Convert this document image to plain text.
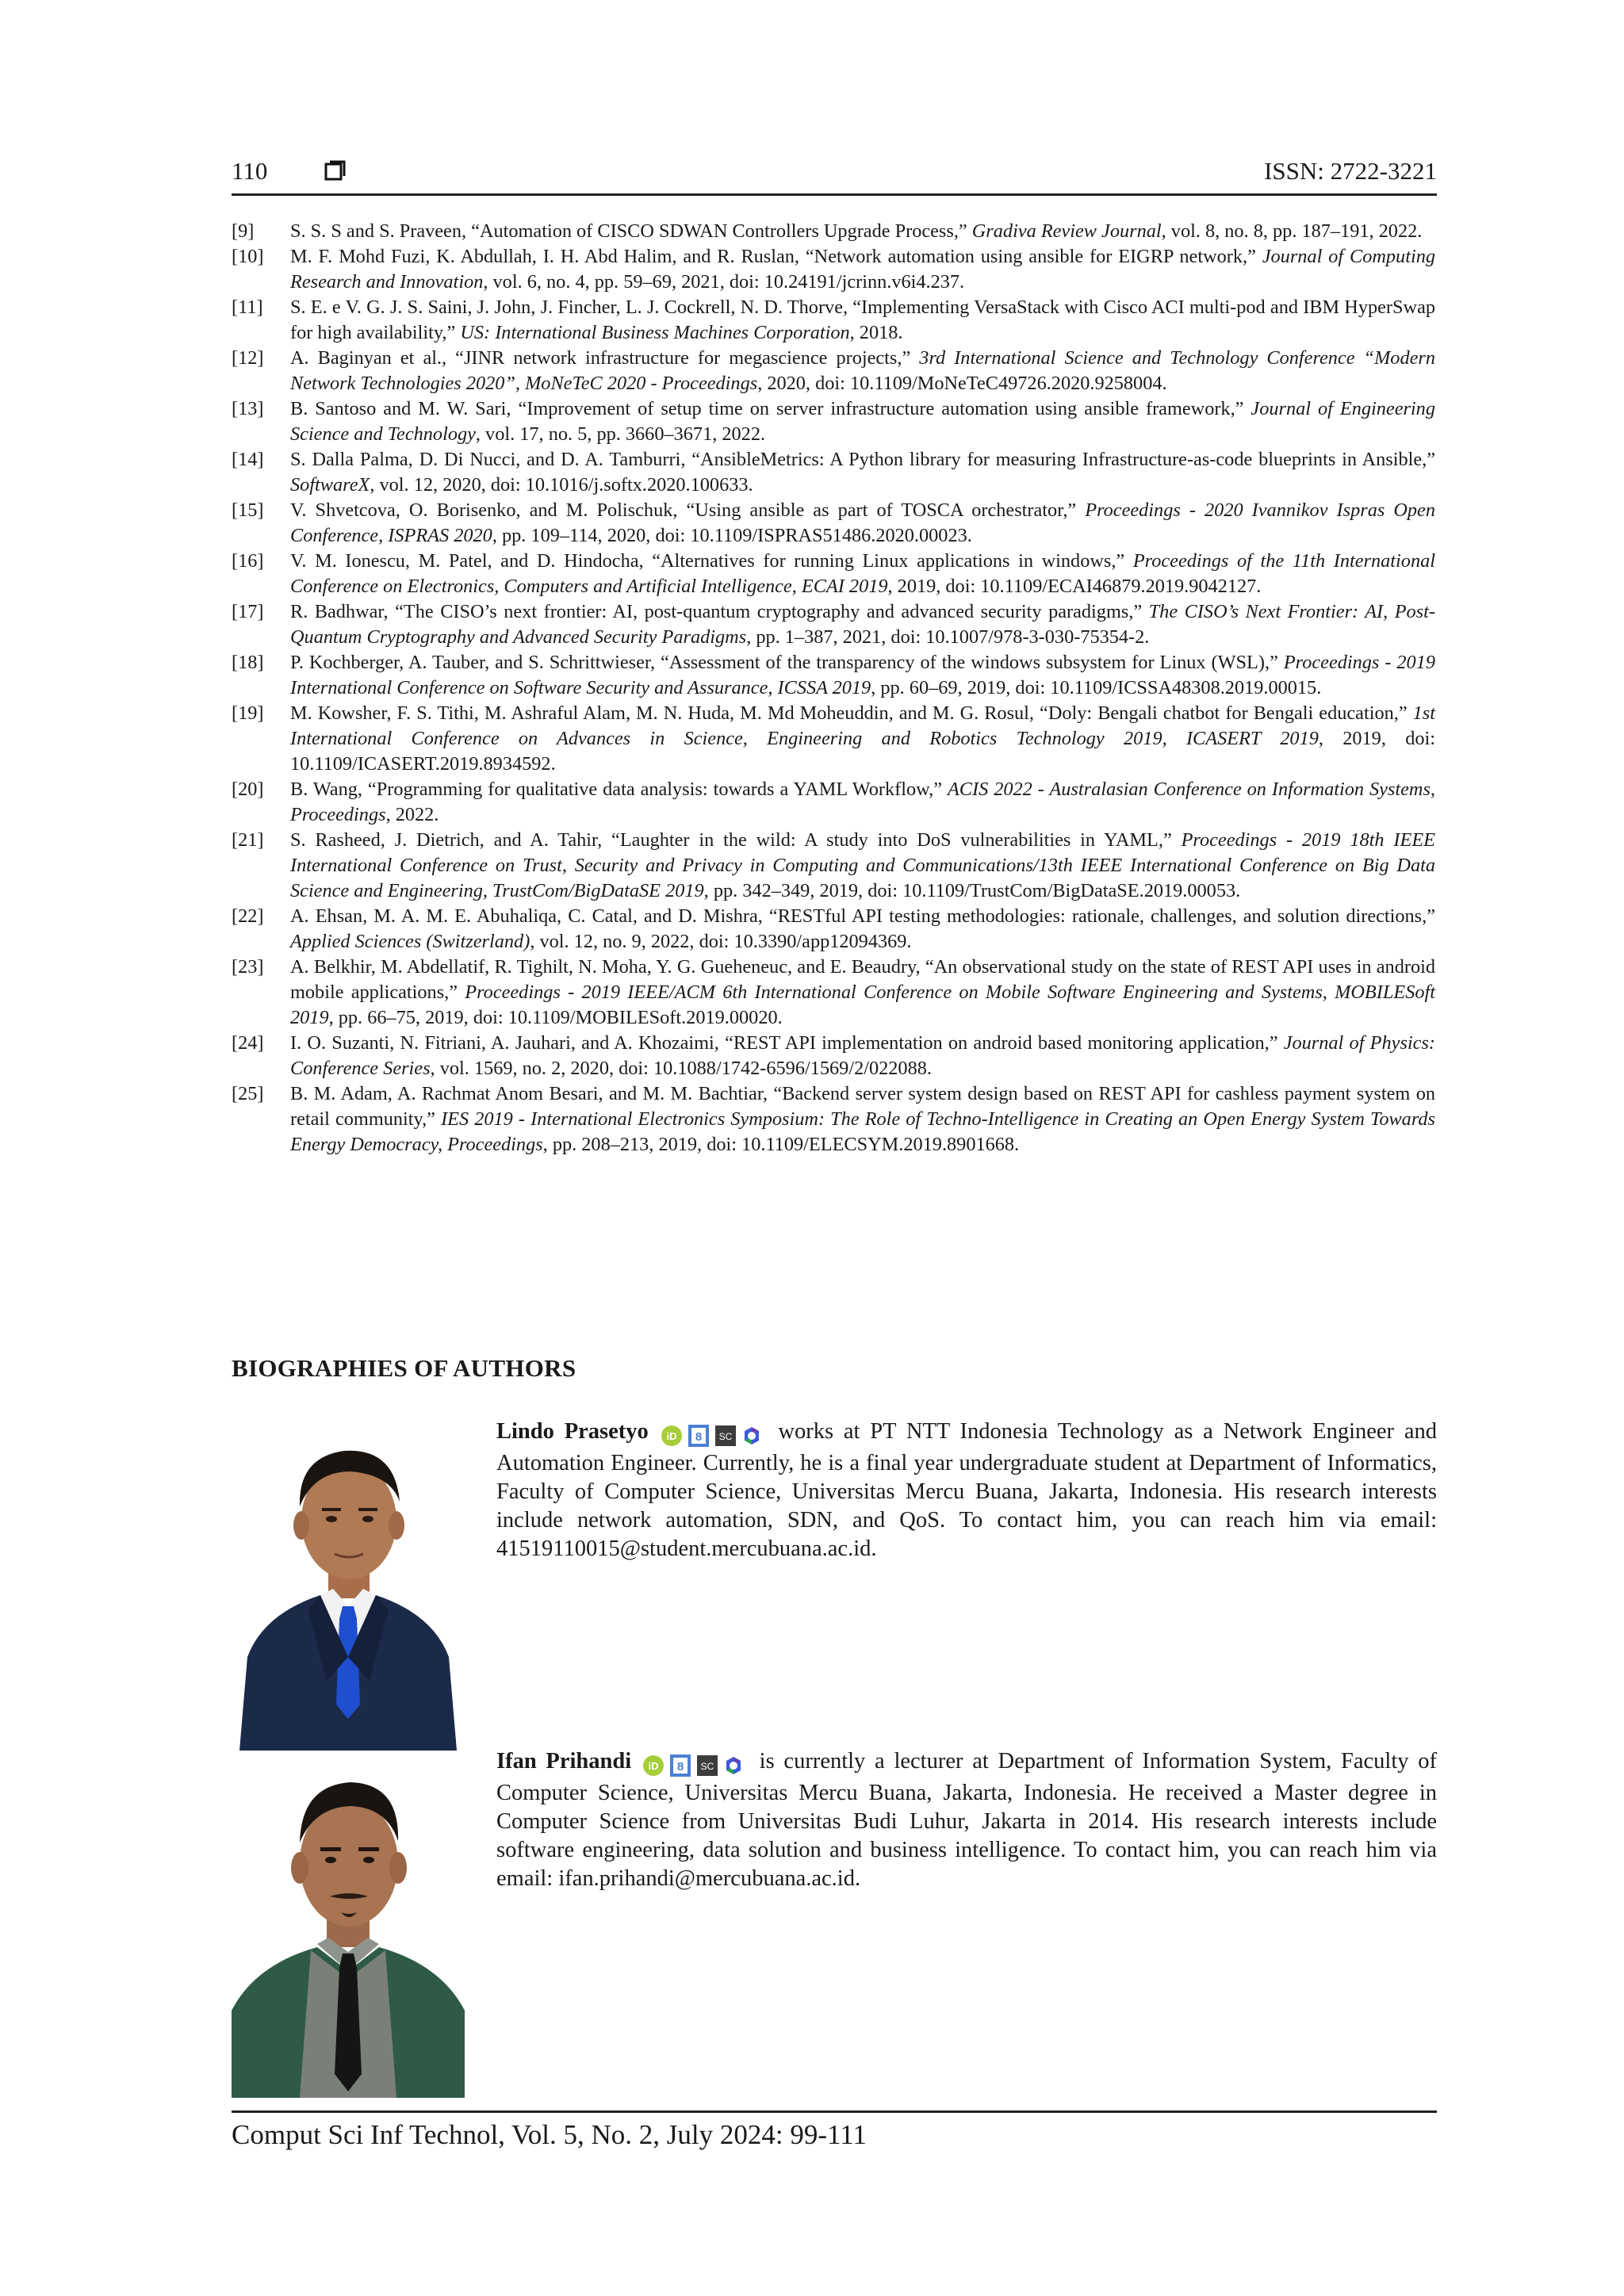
110	ISSN: 2722-3221
[9]	S. S. S and S. Praveen, “Automation of CISCO SDWAN Controllers Upgrade Process,” Gradiva Review Journal, vol. 8, no. 8, pp. 187–191, 2022.
[10]	M. F. Mohd Fuzi, K. Abdullah, I. H. Abd Halim, and R. Ruslan, “Network automation using ansible for EIGRP network,” Journal of Computing Research and Innovation, vol. 6, no. 4, pp. 59–69, 2021, doi: 10.24191/jcrinn.v6i4.237.
[11]	S. E. e V. G. J. S. Saini, J. John, J. Fincher, L. J. Cockrell, N. D. Thorve, “Implementing VersaStack with Cisco ACI multi-pod and IBM HyperSwap for high availability,” US: International Business Machines Corporation, 2018.
[12]	A. Baginyan et al., “JINR network infrastructure for megascience projects,” 3rd International Science and Technology Conference “Modern Network Technologies 2020”, MoNeTeC 2020 - Proceedings, 2020, doi: 10.1109/MoNeTeC49726.2020.9258004.
[13]	B. Santoso and M. W. Sari, “Improvement of setup time on server infrastructure automation using ansible framework,” Journal of Engineering Science and Technology, vol. 17, no. 5, pp. 3660–3671, 2022.
[14]	S. Dalla Palma, D. Di Nucci, and D. A. Tamburri, “AnsibleMetrics: A Python library for measuring Infrastructure-as-code blueprints in Ansible,” SoftwareX, vol. 12, 2020, doi: 10.1016/j.softx.2020.100633.
[15]	V. Shvetcova, O. Borisenko, and M. Polischuk, “Using ansible as part of TOSCA orchestrator,” Proceedings - 2020 Ivannikov Ispras Open Conference, ISPRAS 2020, pp. 109–114, 2020, doi: 10.1109/ISPRAS51486.2020.00023.
[16]	V. M. Ionescu, M. Patel, and D. Hindocha, “Alternatives for running Linux applications in windows,” Proceedings of the 11th International Conference on Electronics, Computers and Artificial Intelligence, ECAI 2019, 2019, doi: 10.1109/ECAI46879.2019.9042127.
[17]	R. Badhwar, “The CISO’s next frontier: AI, post-quantum cryptography and advanced security paradigms,” The CISO’s Next Frontier: AI, Post-Quantum Cryptography and Advanced Security Paradigms, pp. 1–387, 2021, doi: 10.1007/978-3-030-75354-2.
[18]	P. Kochberger, A. Tauber, and S. Schrittwieser, “Assessment of the transparency of the windows subsystem for Linux (WSL),” Proceedings - 2019 International Conference on Software Security and Assurance, ICSSA 2019, pp. 60–69, 2019, doi: 10.1109/ICSSA48308.2019.00015.
[19]	M. Kowsher, F. S. Tithi, M. Ashraful Alam, M. N. Huda, M. Md Moheuddin, and M. G. Rosul, “Doly: Bengali chatbot for Bengali education,” 1st International Conference on Advances in Science, Engineering and Robotics Technology 2019, ICASERT 2019, 2019, doi: 10.1109/ICASERT.2019.8934592.
[20]	B. Wang, “Programming for qualitative data analysis: towards a YAML Workflow,” ACIS 2022 - Australasian Conference on Information Systems, Proceedings, 2022.
[21]	S. Rasheed, J. Dietrich, and A. Tahir, “Laughter in the wild: A study into DoS vulnerabilities in YAML,” Proceedings - 2019 18th IEEE International Conference on Trust, Security and Privacy in Computing and Communications/13th IEEE International Conference on Big Data Science and Engineering, TrustCom/BigDataSE 2019, pp. 342–349, 2019, doi: 10.1109/TrustCom/BigDataSE.2019.00053.
[22]	A. Ehsan, M. A. M. E. Abuhaliqa, C. Catal, and D. Mishra, “RESTful API testing methodologies: rationale, challenges, and solution directions,” Applied Sciences (Switzerland), vol. 12, no. 9, 2022, doi: 10.3390/app12094369.
[23]	A. Belkhir, M. Abdellatif, R. Tighilt, N. Moha, Y. G. Gueheneuc, and E. Beaudry, “An observational study on the state of REST API uses in android mobile applications,” Proceedings - 2019 IEEE/ACM 6th International Conference on Mobile Software Engineering and Systems, MOBILESoft 2019, pp. 66–75, 2019, doi: 10.1109/MOBILESoft.2019.00020.
[24]	I. O. Suzanti, N. Fitriani, A. Jauhari, and A. Khozaimi, “REST API implementation on android based monitoring application,” Journal of Physics: Conference Series, vol. 1569, no. 2, 2020, doi: 10.1088/1742-6596/1569/2/022088.
[25]	B. M. Adam, A. Rachmat Anom Besari, and M. M. Bachtiar, “Backend server system design based on REST API for cashless payment system on retail community,” IES 2019 - International Electronics Symposium: The Role of Techno-Intelligence in Creating an Open Energy System Towards Energy Democracy, Proceedings, pp. 208–213, 2019, doi: 10.1109/ELECSYM.2019.8901668.
BIOGRAPHIES OF AUTHORS
Lindo Prasetyo iD 8 SC works at PT NTT Indonesia Technology as a Network Engineer and Automation Engineer. Currently, he is a final year undergraduate student at Department of Informatics, Faculty of Computer Science, Universitas Mercu Buana, Jakarta, Indonesia. His research interests include network automation, SDN, and QoS. To contact him, you can reach him via email: 41519110015@student.mercubuana.ac.id.
Ifan Prihandi iD 8 SC is currently a lecturer at Department of Information System, Faculty of Computer Science, Universitas Mercu Buana, Jakarta, Indonesia. He received a Master degree in Computer Science from Universitas Budi Luhur, Jakarta in 2014. His research interests include software engineering, data solution and business intelligence. To contact him, you can reach him via email: ifan.prihandi@mercubuana.ac.id.
Comput Sci Inf Technol, Vol. 5, No. 2, July 2024: 99-111
